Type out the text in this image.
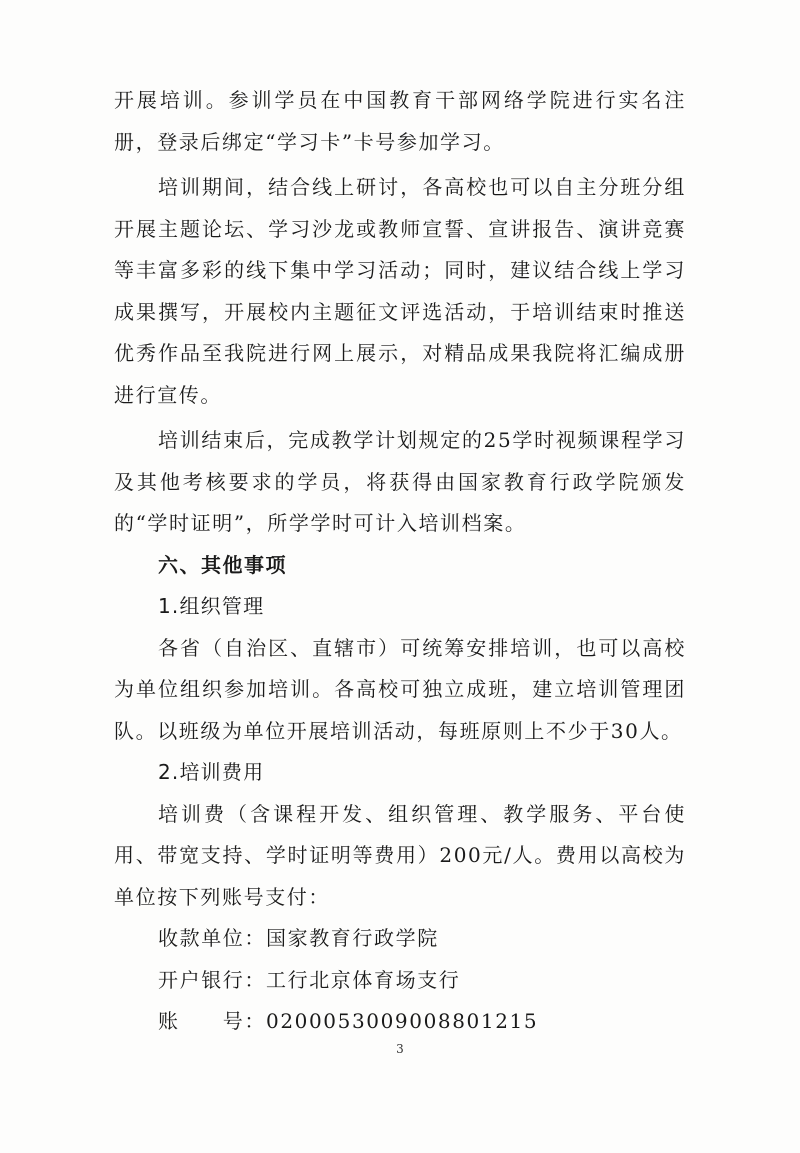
开展培训。参训学员在中国教育干部网络学院进行实名注册，登录后绑定“学习卡”卡号参加学习。

培训期间，结合线上研讨，各高校也可以自主分班分组开展主题论坛、学习沙龙或教师宣誓、宣讲报告、演讲竞赛等丰富多彩的线下集中学习活动；同时，建议结合线上学习成果撰写，开展校内主题征文评选活动，于培训结束时推送优秀作品至我院进行网上展示，对精品成果我院将汇编成册进行宣传。

培训结束后，完成教学计划规定的25学时视频课程学习及其他考核要求的学员，将获得由国家教育行政学院颁发的“学时证明”，所学学时可计入培训档案。

六、其他事项

1.组织管理

各省（自治区、直辖市）可统筹安排培训，也可以高校为单位组织参加培训。各高校可独立成班，建立培训管理团队。以班级为单位开展培训活动，每班原则上不少于30人。

2.培训费用

培训费（含课程开发、组织管理、教学服务、平台使用、带宽支持、学时证明等费用）200元/人。费用以高校为单位按下列账号支付：

收款单位：国家教育行政学院

开户银行：工行北京体育场支行

账　　号：0200053009008801215

3
